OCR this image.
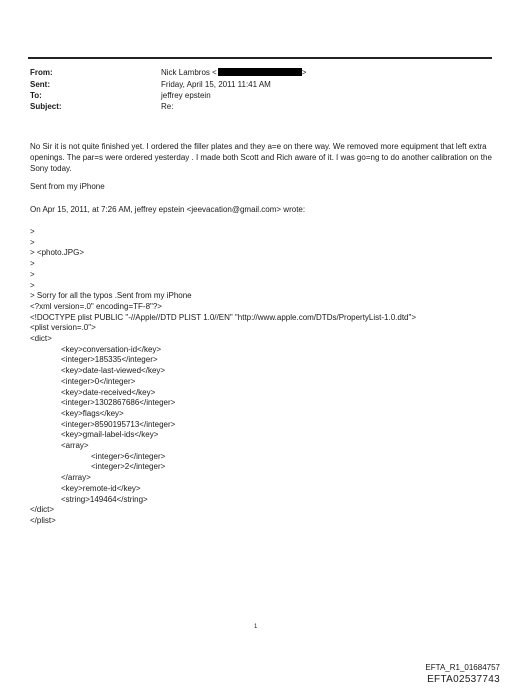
From:	Nick Lambros <	>
Sent:	Friday, April 15, 2011 11:41 AM
To:	jeffrey epstein
Subject:	Re:
No Sir it is not quite finished yet. I ordered the filler plates and they a=e on there way. We removed more equipment that left extra openings. The par=s were ordered yesterday . I made both Scott and Rich aware of it. I was go=ng to do another calibration on the Sony today.
Sent from my iPhone
On Apr 15, 2011, at 7:26 AM, jeffrey epstein <jeevacation@gmail.com> wrote:
>
>
> <photo.JPG>
>
>
>
> Sorry for all the typos .Sent from my iPhone
<?xml version=.0" encoding=TF-8"?>
<!DOCTYPE plist PUBLIC "-//Apple//DTD PLIST 1.0//EN" "http://www.apple.com/DTDs/PropertyList-1.0.dtd">
<plist version=.0">
<dict>
<key>conversation-id</key>
<integer>185335</integer>
<key>date-last-viewed</key>
<integer>0</integer>
<key>date-received</key>
<integer>1302867686</integer>
<key>flags</key>
<integer>8590195713</integer>
<key>gmail-label-ids</key>
<array>
<integer>6</integer>
<integer>2</integer>
</array>
<key>remote-id</key>
<string>149464</string>
</dict>
</plist>
1
EFTA_R1_01684757
EFTA02537743
